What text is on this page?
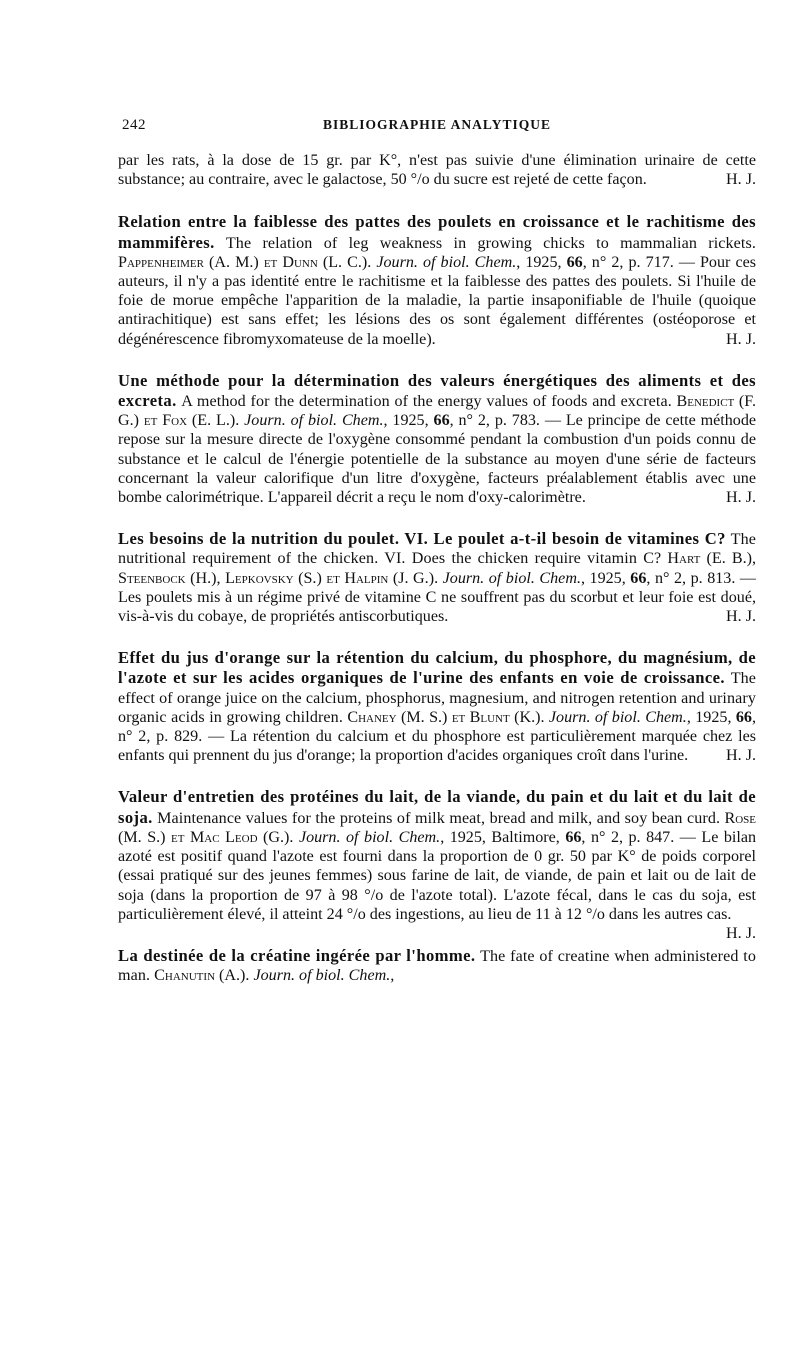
242	BIBLIOGRAPHIE ANALYTIQUE

par les rats, à la dose de 15 gr. par K°, n'est pas suivie d'une élimination urinaire de cette substance; au contraire, avec le galactose, 50 °/o du sucre est rejeté de cette façon.	H. J.

Relation entre la faiblesse des pattes des poulets en croissance et le rachitisme des mammifères. The relation of leg weakness in growing chicks to mammalian rickets. Pappenheimer (A. M.) et Dunn (L. C.). Journ. of biol. Chem., 1925, 66, n° 2, p. 717. — Pour ces auteurs, il n'y a pas identité entre le rachitisme et la faiblesse des pattes des poulets. Si l'huile de foie de morue empêche l'apparition de la maladie, la partie insaponifiable de l'huile (quoique antirachitique) est sans effet; les lésions des os sont également différentes (ostéoporose et dégénérescence fibromyxomateuse de la moelle).	H. J.

Une méthode pour la détermination des valeurs énergétiques des aliments et des excreta. A method for the determination of the energy values of foods and excreta. Benedict (F. G.) et Fox (E. L.). Journ. of biol. Chem., 1925, 66, n° 2, p. 783. — Le principe de cette méthode repose sur la mesure directe de l'oxygène consommé pendant la combustion d'un poids connu de substance et le calcul de l'énergie potentielle de la substance au moyen d'une série de facteurs concernant la valeur calorifique d'un litre d'oxygène, facteurs préalablement établis avec une bombe calorimétrique. L'appareil décrit a reçu le nom d'oxy-calorimètre.	H. J.

Les besoins de la nutrition du poulet. VI. Le poulet a-t-il besoin de vitamines C? The nutritional requirement of the chicken. VI. Does the chicken require vitamin C? Hart (E. B.), Steenbock (H.), Lepkovsky (S.) et Halpin (J. G.). Journ. of biol. Chem., 1925, 66, n° 2, p. 813. — Les poulets mis à un régime privé de vitamine C ne souffrent pas du scorbut et leur foie est doué, vis-à-vis du cobaye, de propriétés antiscorbutiques.	H. J.

Effet du jus d'orange sur la rétention du calcium, du phosphore, du magnésium, de l'azote et sur les acides organiques de l'urine des enfants en voie de croissance. The effect of orange juice on the calcium, phosphorus, magnesium, and nitrogen retention and urinary organic acids in growing children. Chaney (M. S.) et Blunt (K.). Journ. of biol. Chem., 1925, 66, n° 2, p. 829. — La rétention du calcium et du phosphore est particulièrement marquée chez les enfants qui prennent du jus d'orange; la proportion d'acides organiques croît dans l'urine. H. J.

Valeur d'entretien des protéines du lait, de la viande, du pain et du lait et du lait de soja. Maintenance values for the proteins of milk meat, bread and milk, and soy bean curd. Rose (M. S.) et Mac Leod (G.). Journ. of biol. Chem., 1925, Baltimore, 66, n° 2, p. 847. — Le bilan azoté est positif quand l'azote est fourni dans la proportion de 0 gr. 50 par K° de poids corporel (essai pratiqué sur des jeunes femmes) sous farine de lait, de viande, de pain et lait ou de lait de soja (dans la proportion de 97 à 98 °/o de l'azote total). L'azote fécal, dans le cas du soja, est particulièrement élevé, il atteint 24 °/o des ingestions, au lieu de 11 à 12 °/o dans les autres cas.
H. J.

La destinée de la créatine ingérée par l'homme. The fate of creatine when administered to man. Chanutin (A.). Journ. of biol. Chem.,
